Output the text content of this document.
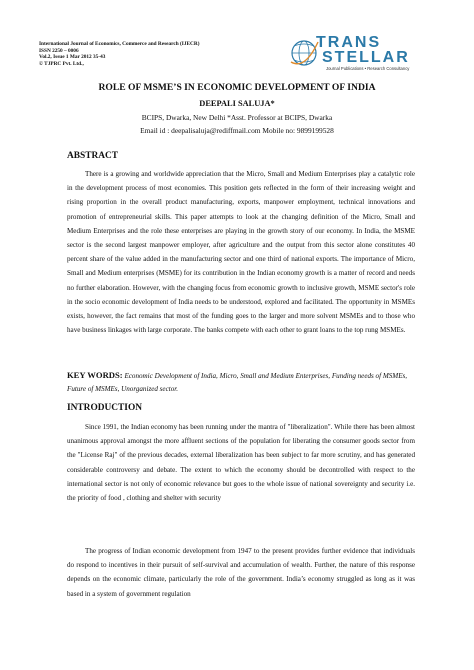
International Journal of Economics, Commerce and Research (IJECR)
ISSN 2250 – 0006
Vol.2, Issue 1 Mar 2012 35-43
© TJPRC Pvt. Ltd.,
TRANS
STELLAR
Journal Publications • Research Consultancy
ROLE OF MSME’S IN ECONOMIC DEVELOPMENT OF INDIA
DEEPALI SALUJA*
BCIPS, Dwarka, New Delhi *Asst. Professor at BCIPS, Dwarka
Email id : deepalisaluja@rediffmail.com Mobile no: 9899199528
ABSTRACT
There is a growing and worldwide appreciation that the Micro, Small and Medium Enterprises play a catalytic role in the development process of most economies. This position gets reflected in the form of their increasing weight and rising proportion in the overall product manufacturing, exports, manpower employment, technical innovations and promotion of entrepreneurial skills. This paper attempts to look at the changing definition of the Micro, Small and Medium Enterprises and the role these enterprises are playing in the growth story of our economy. In India, the MSME sector is the second largest manpower employer, after agriculture and the output from this sector alone constitutes 40 percent share of the value added in the manufacturing sector and one third of national exports. The importance of Micro, Small and Medium enterprises (MSME) for its contribution in the Indian economy growth is a matter of record and needs no further elaboration. However, with the changing focus from economic growth to inclusive growth, MSME sector's role in the socio economic development of India needs to be understood, explored and facilitated. The opportunity in MSMEs exists, however, the fact remains that most of the funding goes to the larger and more solvent MSMEs and to those who have business linkages with large corporate. The banks compete with each other to grant loans to the top rung MSMEs.
KEY WORDS: Economic Development of India, Micro, Small and Medium Enterprises, Funding needs of MSMEs, Future of MSMEs, Unorganized sector.
INTRODUCTION
Since 1991, the Indian economy has been running under the mantra of "liberalization". While there has been almost unanimous approval amongst the more affluent sections of the population for liberating the consumer goods sector from the "License Raj" of the previous decades, external liberalization has been subject to far more scrutiny, and has generated considerable controversy and debate. The extent to which the economy should be decontrolled with respect to the international sector is not only of economic relevance but goes to the whole issue of national sovereignty and security i.e. the priority of food , clothing and shelter with security
The progress of Indian economic development from 1947 to the present provides further evidence that individuals do respond to incentives in their pursuit of self-survival and accumulation of wealth. Further, the nature of this response depends on the economic climate, particularly the role of the government. India’s economy struggled as long as it was based in a system of government regulation
